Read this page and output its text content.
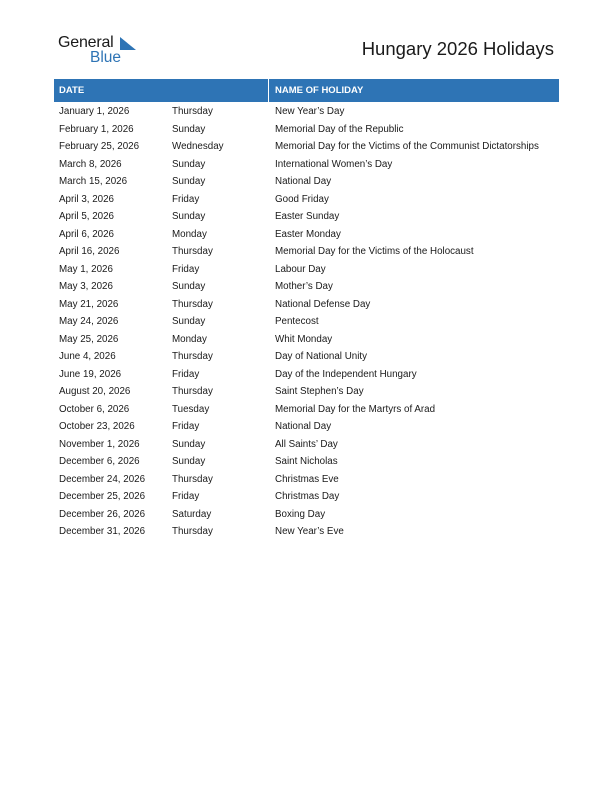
General
Blue	Hungary 2026 Holidays
DATE	NAME OF HOLIDAY
January 1, 2026	Thursday	New Year’s Day
February 1, 2026	Sunday	Memorial Day of the Republic
February 25, 2026	Wednesday	Memorial Day for the Victims of the Communist Dictatorships
March 8, 2026	Sunday	International Women’s Day
March 15, 2026	Sunday	National Day
April 3, 2026	Friday	Good Friday
April 5, 2026	Sunday	Easter Sunday
April 6, 2026	Monday	Easter Monday
April 16, 2026	Thursday	Memorial Day for the Victims of the Holocaust
May 1, 2026	Friday	Labour Day
May 3, 2026	Sunday	Mother’s Day
May 21, 2026	Thursday	National Defense Day
May 24, 2026	Sunday	Pentecost
May 25, 2026	Monday	Whit Monday
June 4, 2026	Thursday	Day of National Unity
June 19, 2026	Friday	Day of the Independent Hungary
August 20, 2026	Thursday	Saint Stephen’s Day
October 6, 2026	Tuesday	Memorial Day for the Martyrs of Arad
October 23, 2026	Friday	National Day
November 1, 2026	Sunday	All Saints’ Day
December 6, 2026	Sunday	Saint Nicholas
December 24, 2026	Thursday	Christmas Eve
December 25, 2026	Friday	Christmas Day
December 26, 2026	Saturday	Boxing Day
December 31, 2026	Thursday	New Year’s Eve
